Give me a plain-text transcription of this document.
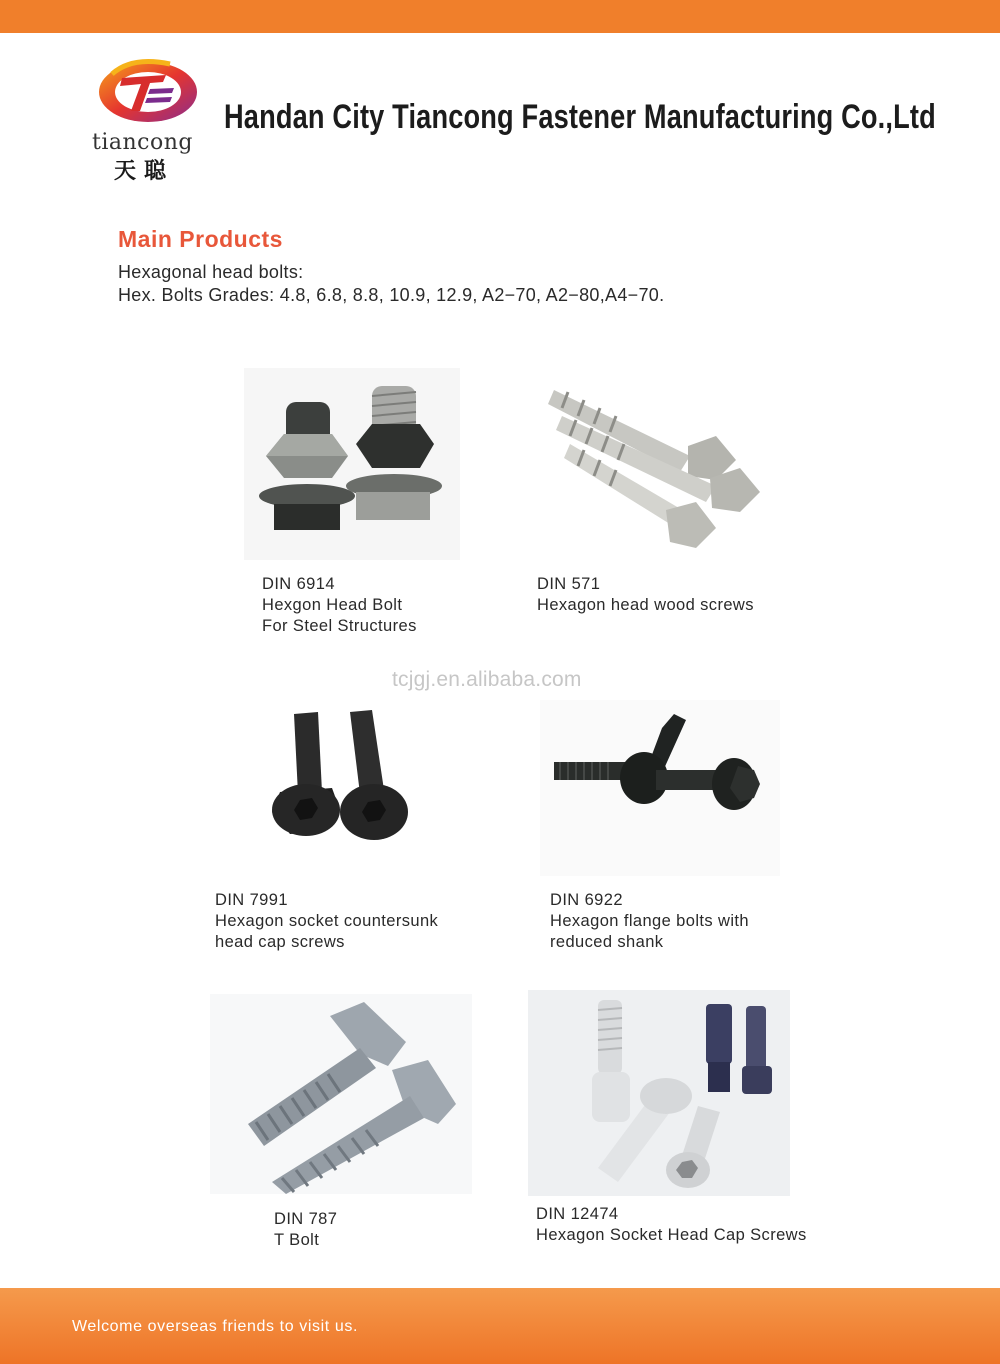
tiancong
天聪
Handan City Tiancong Fastener Manufacturing Co.,Ltd
Main Products
Hexagonal head bolts:
Hex. Bolts Grades: 4.8, 6.8, 8.8, 10.9, 12.9, A2−70, A2−80,A4−70.
DIN 6914
Hexgon Head Bolt
For Steel Structures
DIN 571
Hexagon head wood screws
tcjgj.en.alibaba.com
DIN 7991
Hexagon socket countersunk
head cap screws
DIN 6922
Hexagon flange bolts with
reduced shank
DIN 787
T Bolt
DIN 12474
Hexagon Socket Head Cap Screws
Welcome overseas friends to visit us.
